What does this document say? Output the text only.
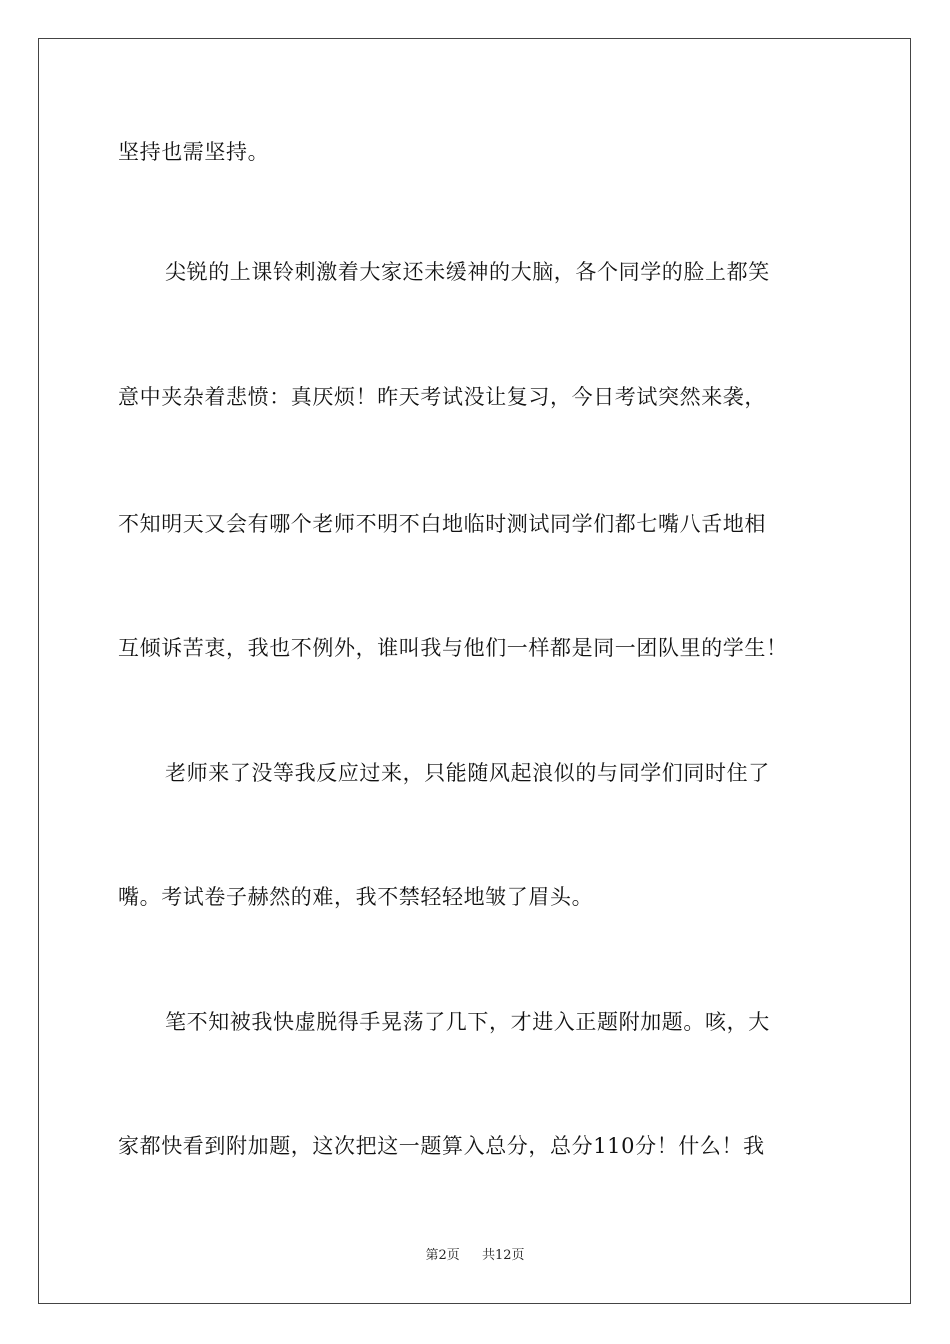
坚持也需坚持。
尖锐的上课铃刺激着大家还未缓神的大脑，各个同学的脸上都笑
意中夹杂着悲愤：真厌烦！昨天考试没让复习，今日考试突然来袭，
不知明天又会有哪个老师不明不白地临时测试同学们都七嘴八舌地相
互倾诉苦衷，我也不例外，谁叫我与他们一样都是同一团队里的学生！
老师来了没等我反应过来，只能随风起浪似的与同学们同时住了
嘴。考试卷子赫然的难，我不禁轻轻地皱了眉头。
笔不知被我快虚脱得手晃荡了几下，才进入正题附加题。咳，大
家都快看到附加题，这次把这一题算入总分，总分110分！什么！我
第2页 共12页
